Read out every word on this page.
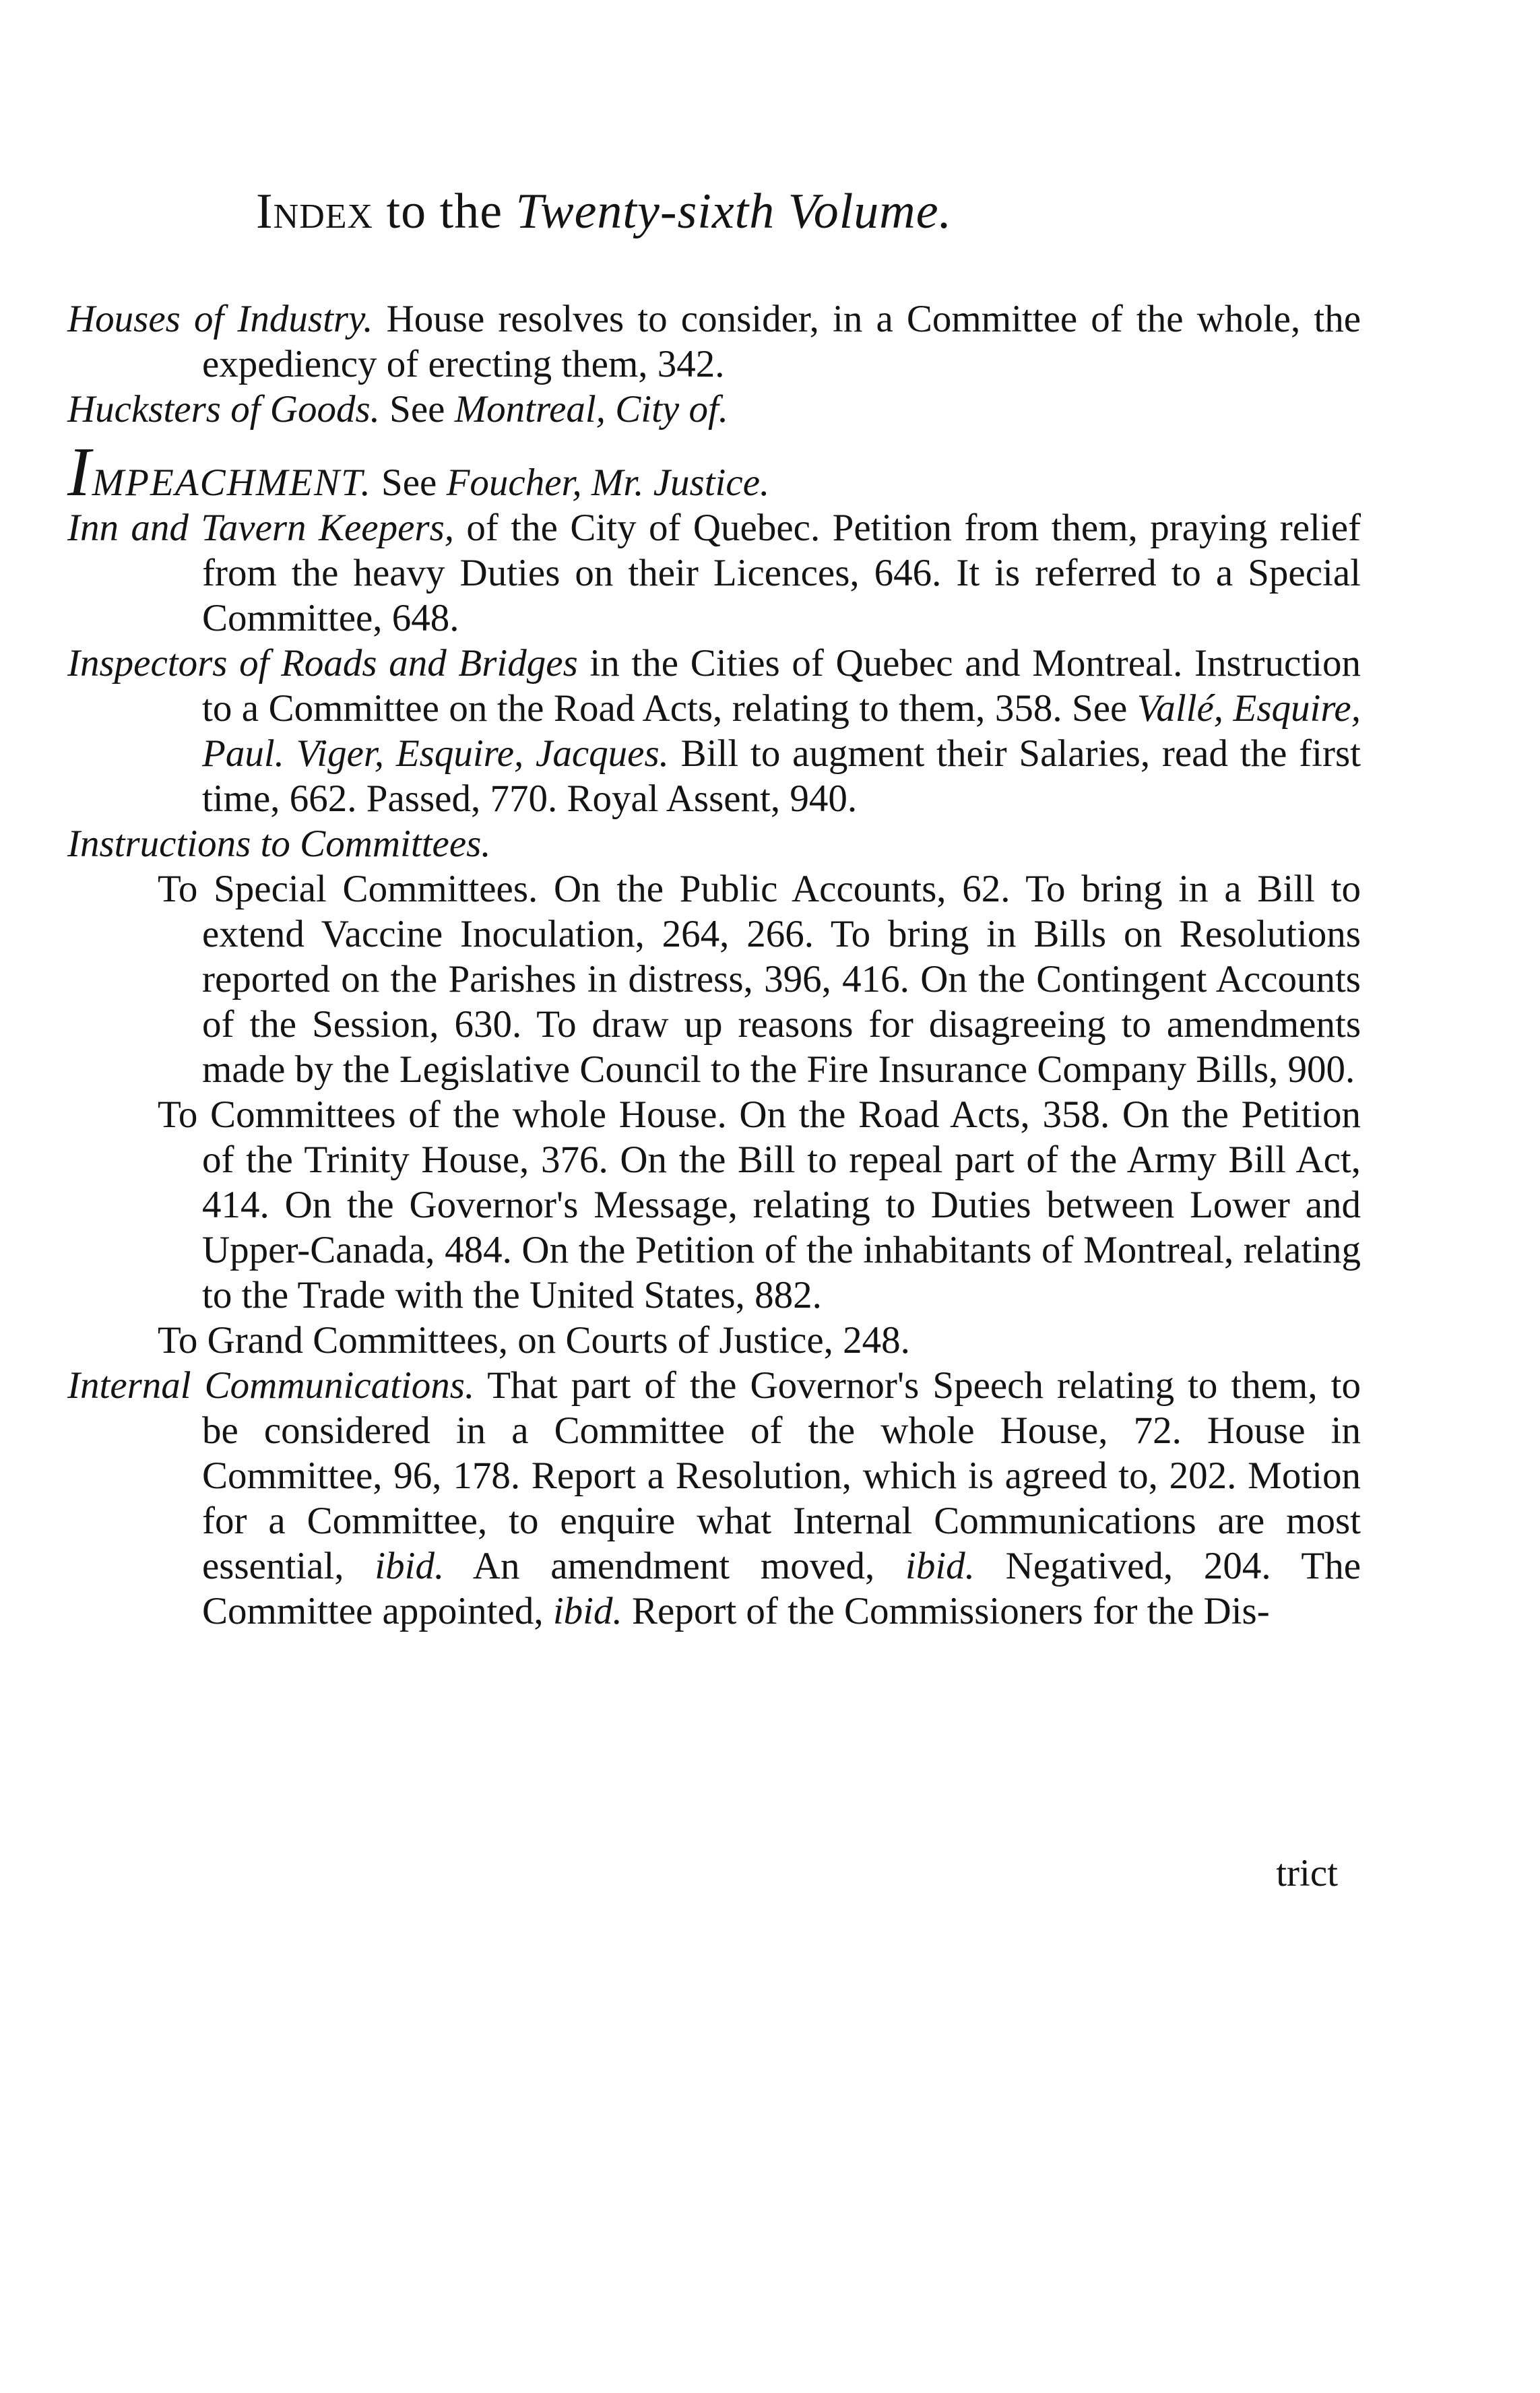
Index to the Twenty-sixth Volume.

Houses of Industry. House resolves to consider, in a Committee of the whole, the expediency of erecting them, 342.

Hucksters of Goods. See Montreal, City of.

IMPEACHMENT. See Foucher, Mr. Justice.

Inn and Tavern Keepers, of the City of Quebec. Petition from them, praying relief from the heavy Duties on their Licences, 646. It is referred to a Special Committee, 648.

Inspectors of Roads and Bridges in the Cities of Quebec and Montreal. Instruction to a Committee on the Road Acts, relating to them, 358. See Vallé, Esquire, Paul. Viger, Esquire, Jacques. Bill to augment their Salaries, read the first time, 662. Passed, 770. Royal Assent, 940.

Instructions to Committees.

To Special Committees. On the Public Accounts, 62. To bring in a Bill to extend Vaccine Inoculation, 264, 266. To bring in Bills on Resolutions reported on the Parishes in distress, 396, 416. On the Contingent Accounts of the Session, 630. To draw up reasons for disagreeing to amendments made by the Legislative Council to the Fire Insurance Company Bills, 900.

To Committees of the whole House. On the Road Acts, 358. On the Petition of the Trinity House, 376. On the Bill to repeal part of the Army Bill Act, 414. On the Governor's Message, relating to Duties between Lower and Upper-Canada, 484. On the Petition of the inhabitants of Montreal, relating to the Trade with the United States, 882.

To Grand Committees, on Courts of Justice, 248.

Internal Communications. That part of the Governor's Speech relating to them, to be considered in a Committee of the whole House, 72. House in Committee, 96, 178. Report a Resolution, which is agreed to, 202. Motion for a Committee, to enquire what Internal Communications are most essential, ibid. An amendment moved, ibid. Negatived, 204. The Committee appointed, ibid. Report of the Commissioners for the Dis-

trict
